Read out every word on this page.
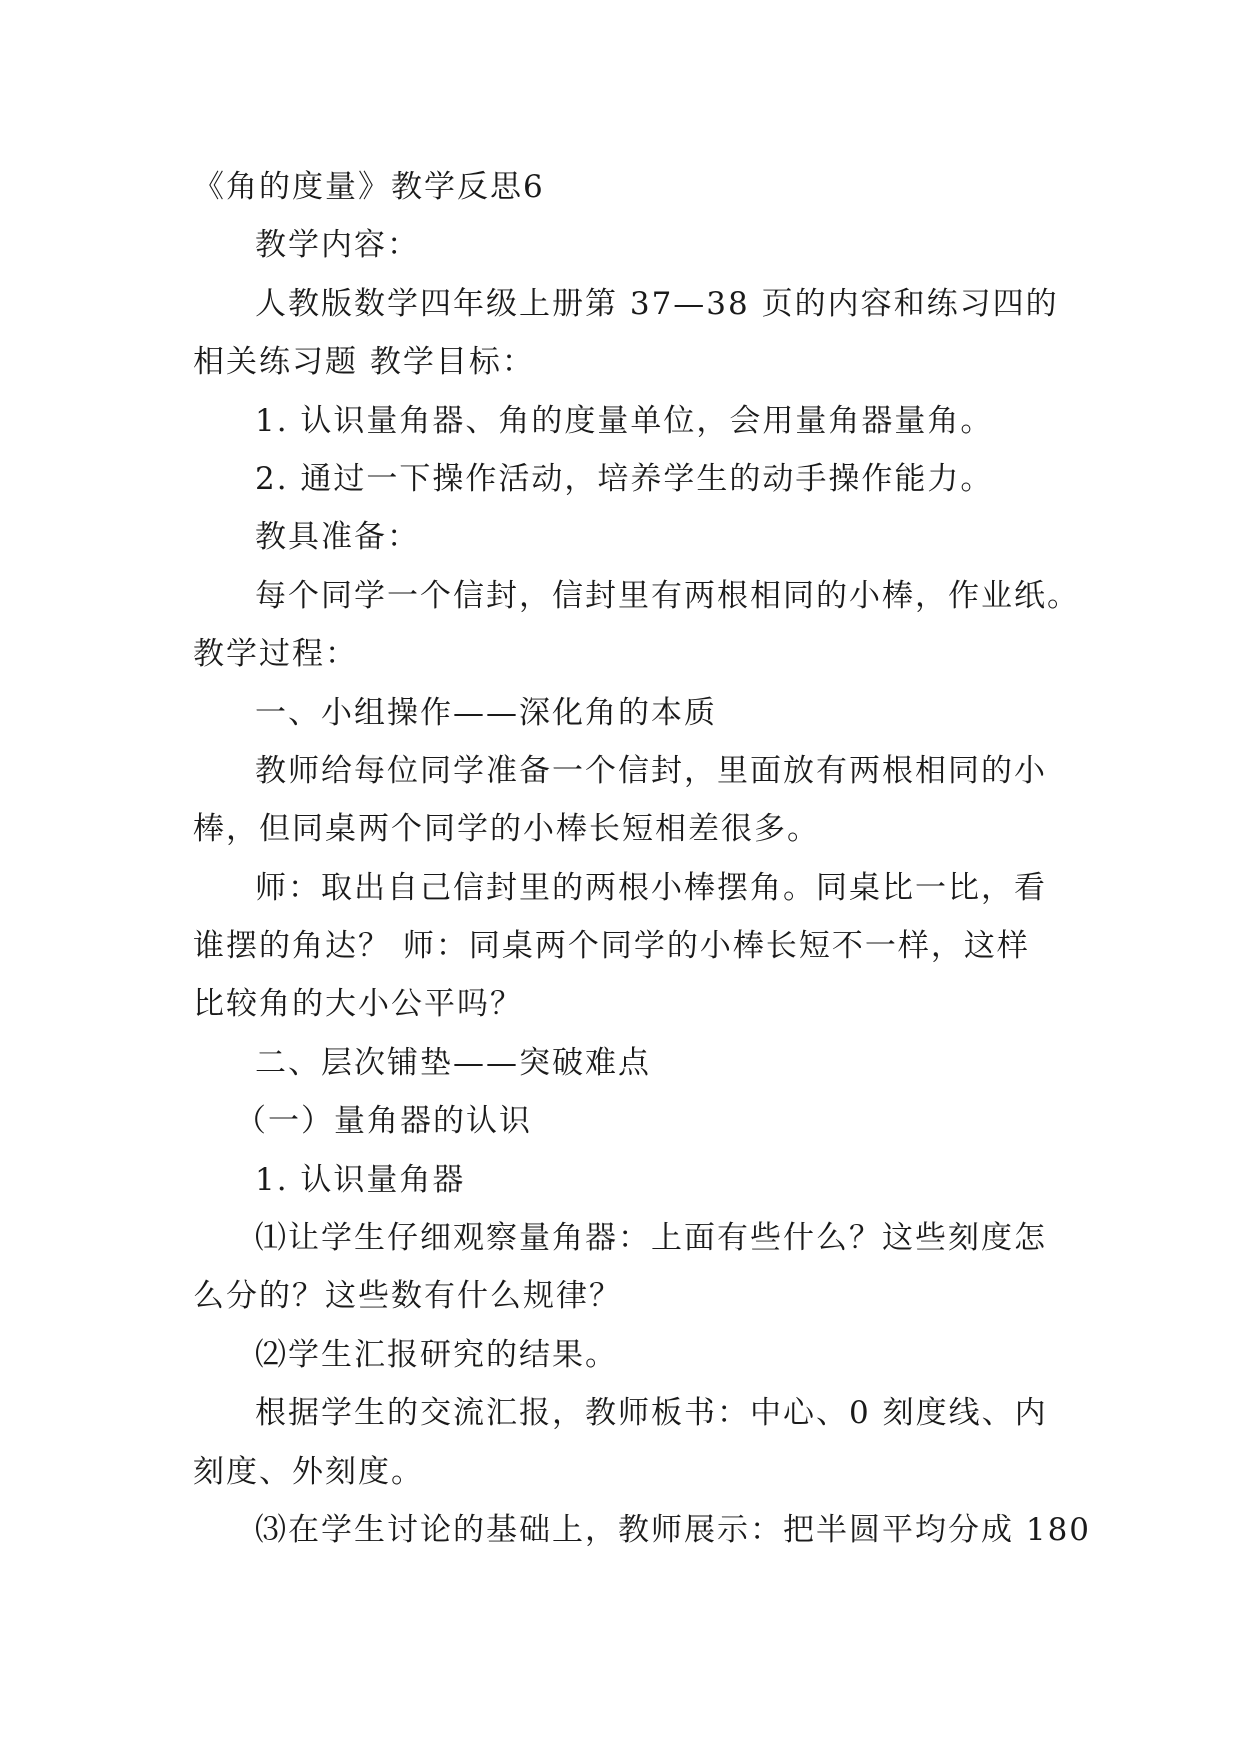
《角的度量》教学反思6
教学内容：
人教版数学四年级上册第 37—38 页的内容和练习四的
相关练习题 教学目标：
1. 认识量角器、角的度量单位，会用量角器量角。
2. 通过一下操作活动，培养学生的动手操作能力。
教具准备：
每个同学一个信封，信封里有两根相同的小棒，作业纸。
教学过程：
一、小组操作——深化角的本质
教师给每位同学准备一个信封，里面放有两根相同的小
棒，但同桌两个同学的小棒长短相差很多。
师：取出自己信封里的两根小棒摆角。同桌比一比，看
谁摆的角达？ 师：同桌两个同学的小棒长短不一样，这样
比较角的大小公平吗？
二、层次铺垫——突破难点
（一）量角器的认识
1. 认识量角器
⑴让学生仔细观察量角器：上面有些什么？这些刻度怎
么分的？这些数有什么规律？
⑵学生汇报研究的结果。
根据学生的交流汇报，教师板书：中心、0 刻度线、内
刻度、外刻度。
⑶在学生讨论的基础上，教师展示：把半圆平均分成 180
